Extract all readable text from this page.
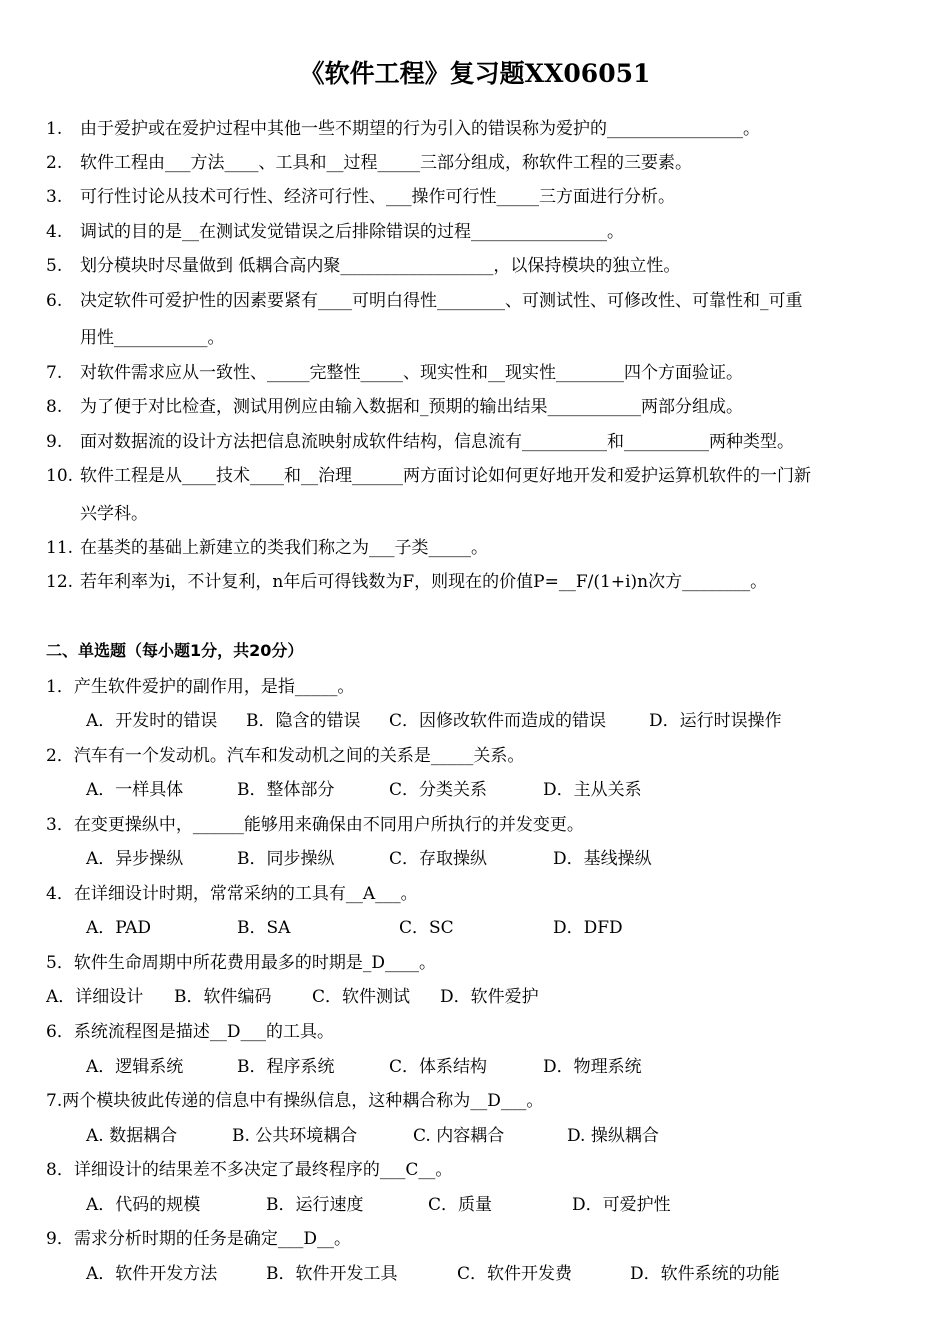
《软件工程》复习题XX06051
1.	由于爱护或在爱护过程中其他一些不期望的行为引入的错误称为爱护的________________。
2.	软件工程由___方法____、工具和__过程_____三部分组成，称软件工程的三要素。
3.	可行性讨论从技术可行性、经济可行性、___操作可行性_____三方面进行分析。
4.	调试的目的是__在测试发觉错误之后排除错误的过程________________。
5.	划分模块时尽量做到 低耦合高内聚__________________，以保持模块的独立性。
6.	决定软件可爱护性的因素要紧有____可明白得性________、可测试性、可修改性、可靠性和_可重
用性___________。
7.	对软件需求应从一致性、_____完整性_____、现实性和__现实性________四个方面验证。
8.	为了便于对比检查，测试用例应由输入数据和_预期的输出结果___________两部分组成。
9.	面对数据流的设计方法把信息流映射成软件结构，信息流有__________和__________两种类型。
10. 软件工程是从____技术____和__治理______两方面讨论如何更好地开发和爱护运算机软件的一门新
兴学科。
11. 在基类的基础上新建立的类我们称之为___子类_____。
12. 若年利率为i，不计复利，n年后可得钱数为F，则现在的价值P=__F/(1+i)n次方________。
二、单选题（每小题1分，共20分）
1．产生软件爱护的副作用，是指_____。
A．开发时的错误 B．隐含的错误 C．因修改软件而造成的错误	D．运行时误操作
2．汽车有一个发动机。汽车和发动机之间的关系是_____关系。
A．一样具体	B．整体部分	C．分类关系	D．主从关系
3．在变更操纵中，______能够用来确保由不同用户所执行的并发变更。
A．异步操纵	B．同步操纵	C．存取操纵	D．基线操纵
4．在详细设计时期，常常采纳的工具有__A___。
A．PAD	B．SA	C．SC	D．DFD
5．软件生命周期中所花费用最多的时期是_D____。
A．详细设计 B．软件编码 C．软件测试 D．软件爱护
6．系统流程图是描述__D___的工具。
A．逻辑系统	B．程序系统	C．体系结构	D．物理系统
7.两个模块彼此传递的信息中有操纵信息，这种耦合称为__D___。
A. 数据耦合	B. 公共环境耦合	C. 内容耦合	D. 操纵耦合
8．详细设计的结果差不多决定了最终程序的___C__。
A．代码的规模	B．运行速度	C．质量	D．可爱护性
9．需求分析时期的任务是确定___D__。
A．软件开发方法	B．软件开发工具	C．软件开发费	D．软件系统的功能
